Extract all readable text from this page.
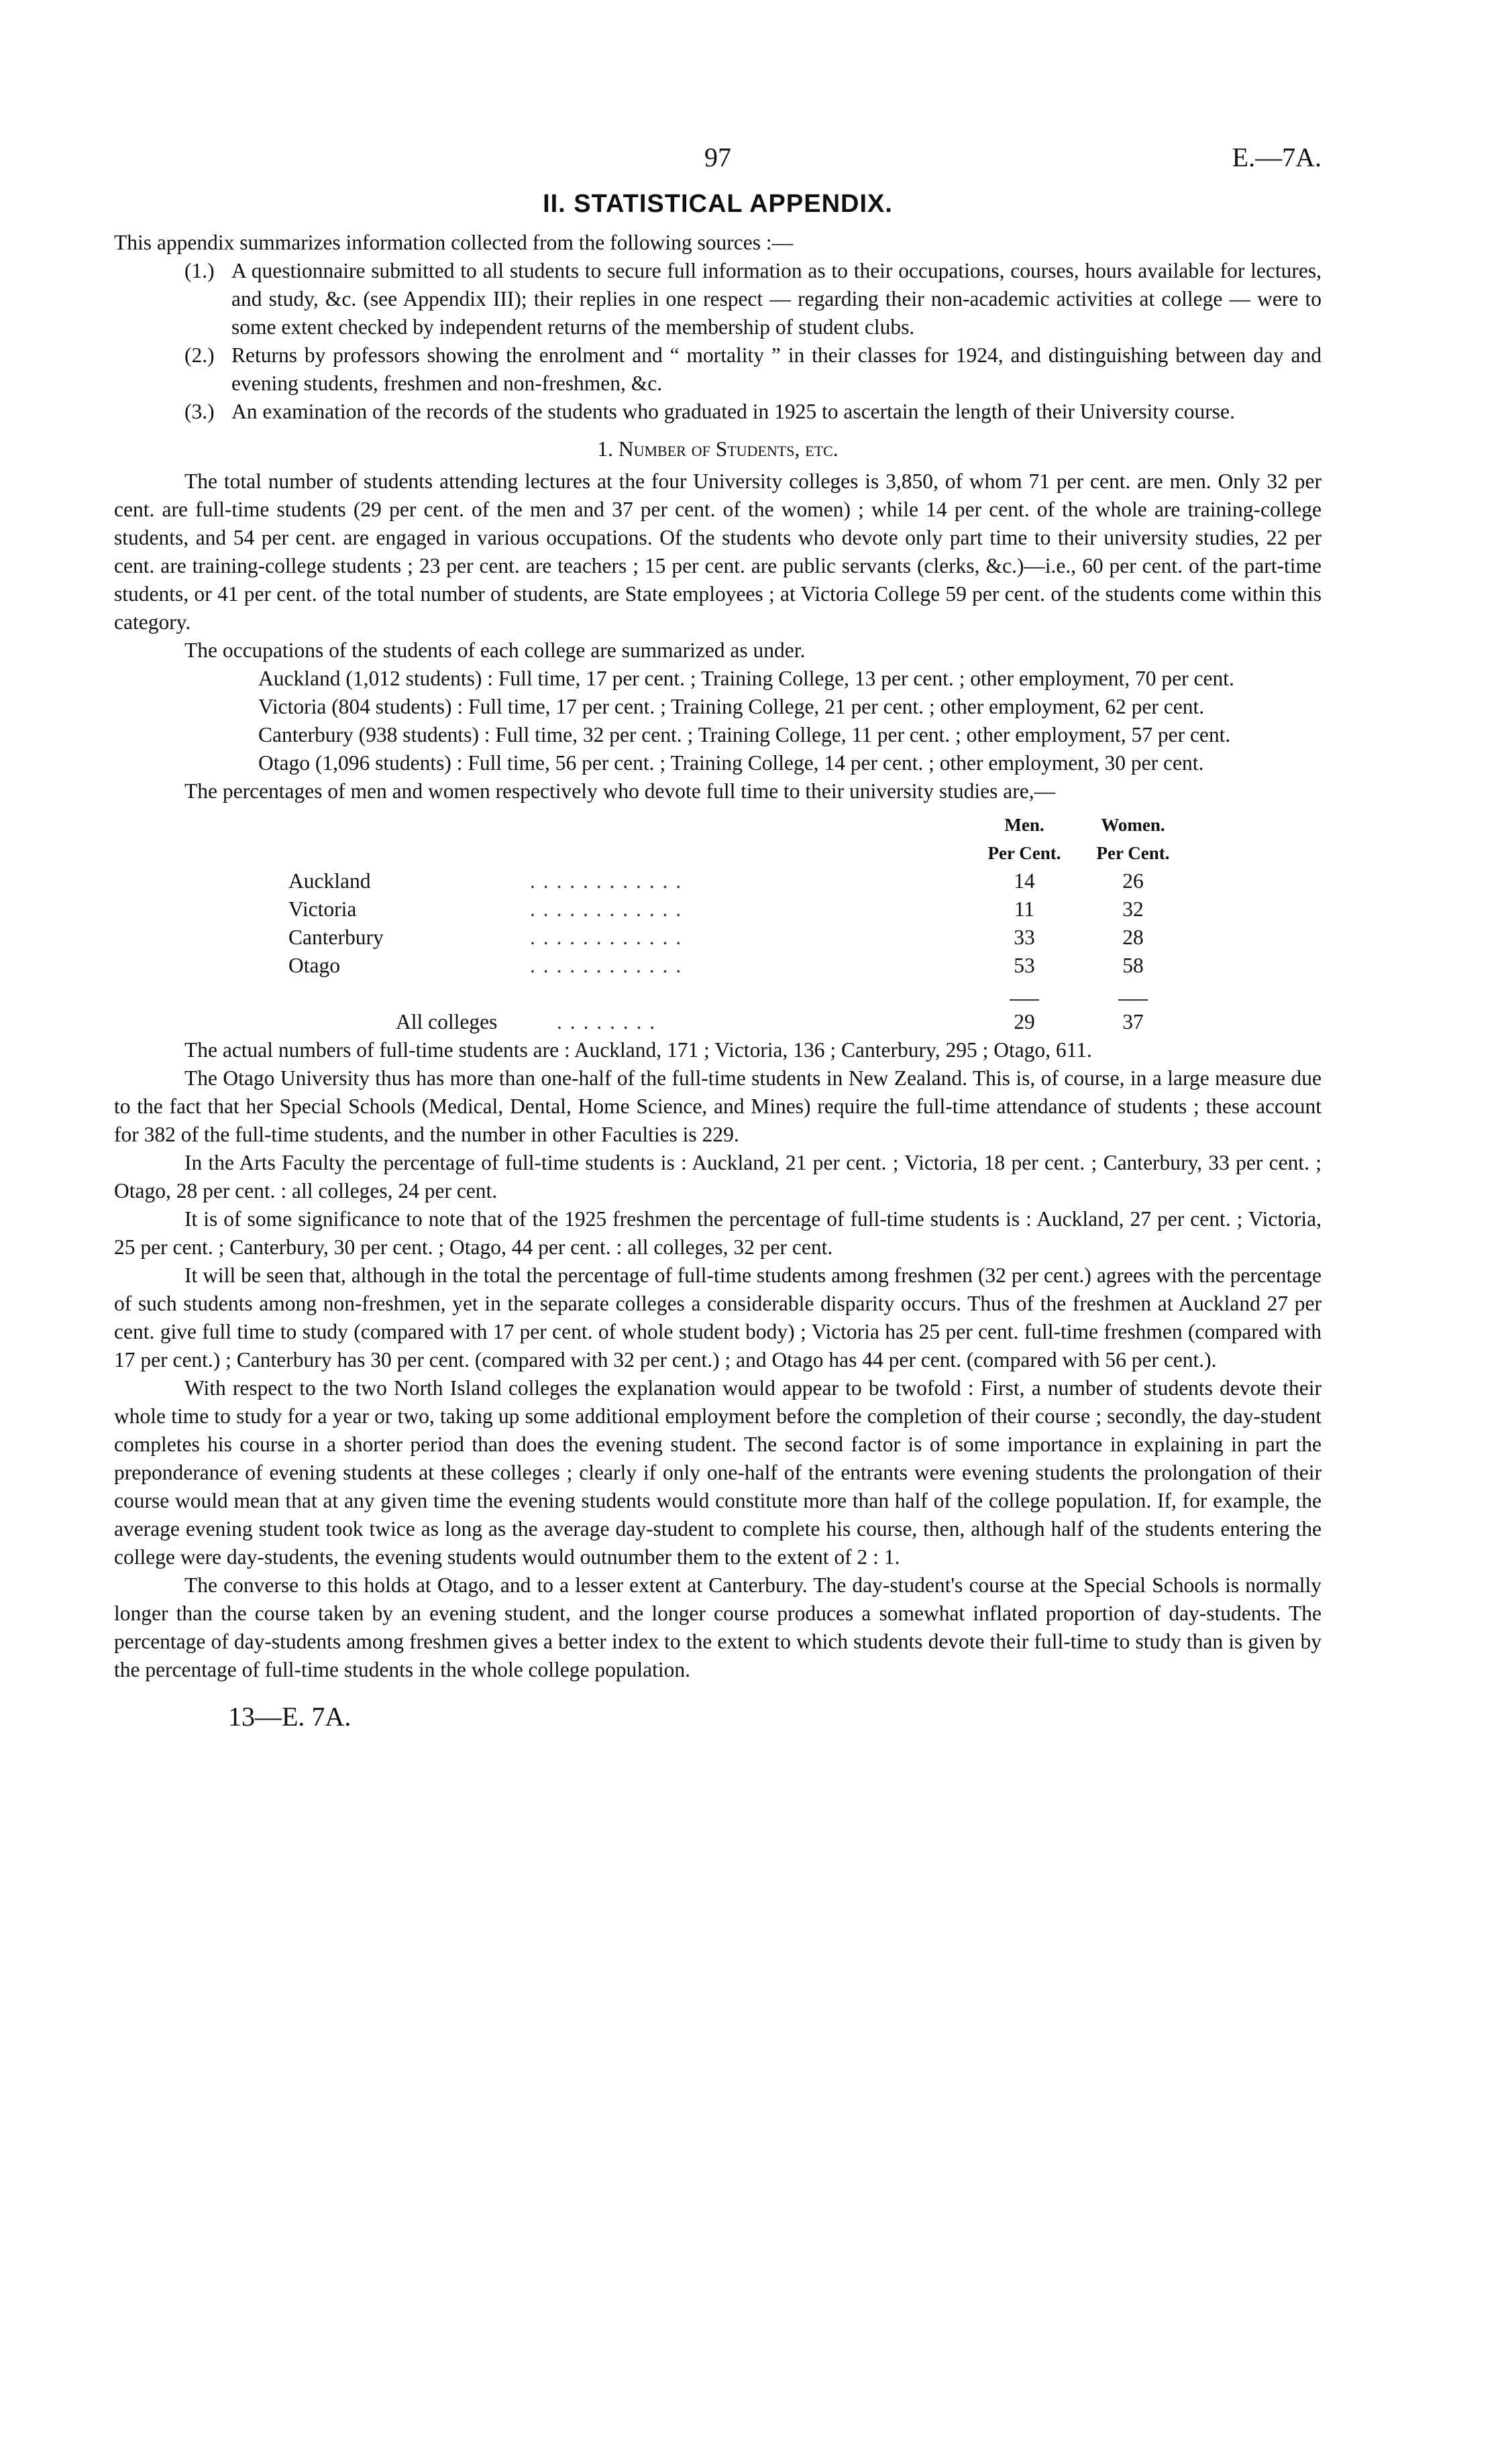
97	E.—7A.
II. STATISTICAL APPENDIX.

This appendix summarizes information collected from the following sources :—

(1.) A questionnaire submitted to all students to secure full information as to their occupations, courses, hours available for lectures, and study, &c. (see Appendix III); their replies in one respect — regarding their non-academic activities at college — were to some extent checked by independent returns of the membership of student clubs.
(2.) Returns by professors showing the enrolment and “ mortality ” in their classes for 1924, and distinguishing between day and evening students, freshmen and non-freshmen, &c.
(3.) An examination of the records of the students who graduated in 1925 to ascertain the length of their University course.
1. Number of Students, etc.

The total number of students attending lectures at the four University colleges is 3,850, of whom 71 per cent. are men. Only 32 per cent. are full-time students (29 per cent. of the men and 37 per cent. of the women) ; while 14 per cent. of the whole are training-college students, and 54 per cent. are engaged in various occupations. Of the students who devote only part time to their university studies, 22 per cent. are training-college students ; 23 per cent. are teachers ; 15 per cent. are public servants (clerks, &c.)—i.e., 60 per cent. of the part-time students, or 41 per cent. of the total number of students, are State employees ; at Victoria College 59 per cent. of the students come within this category.

The occupations of the students of each college are summarized as under.

Auckland (1,012 students) : Full time, 17 per cent. ; Training College, 13 per cent. ; other employment, 70 per cent.

Victoria (804 students) : Full time, 17 per cent. ; Training College, 21 per cent. ; other employment, 62 per cent.

Canterbury (938 students) : Full time, 32 per cent. ; Training College, 11 per cent. ; other employment, 57 per cent.

Otago (1,096 students) : Full time, 56 per cent. ; Training College, 14 per cent. ; other employment, 30 per cent.

The percentages of men and women respectively who devote full time to their university studies are,—

		Men.	Women.
		Per Cent.	Per Cent.
Auckland	. . . . . . . . . . . .	14	26
Victoria	. . . . . . . . . . . .	11	32
Canterbury	. . . . . . . . . . . .	33	28
Otago	. . . . . . . . . . . .	53	58

All colleges	. . . . . . . .	29	37

The actual numbers of full-time students are : Auckland, 171 ; Victoria, 136 ; Canterbury, 295 ; Otago, 611.

The Otago University thus has more than one-half of the full-time students in New Zealand. This is, of course, in a large measure due to the fact that her Special Schools (Medical, Dental, Home Science, and Mines) require the full-time attendance of students ; these account for 382 of the full-time students, and the number in other Faculties is 229.

In the Arts Faculty the percentage of full-time students is : Auckland, 21 per cent. ; Victoria, 18 per cent. ; Canterbury, 33 per cent. ; Otago, 28 per cent. : all colleges, 24 per cent.

It is of some significance to note that of the 1925 freshmen the percentage of full-time students is : Auckland, 27 per cent. ; Victoria, 25 per cent. ; Canterbury, 30 per cent. ; Otago, 44 per cent. : all colleges, 32 per cent.

It will be seen that, although in the total the percentage of full-time students among freshmen (32 per cent.) agrees with the percentage of such students among non-freshmen, yet in the separate colleges a considerable disparity occurs. Thus of the freshmen at Auckland 27 per cent. give full time to study (compared with 17 per cent. of whole student body) ; Victoria has 25 per cent. full-time freshmen (compared with 17 per cent.) ; Canterbury has 30 per cent. (compared with 32 per cent.) ; and Otago has 44 per cent. (compared with 56 per cent.).

With respect to the two North Island colleges the explanation would appear to be twofold : First, a number of students devote their whole time to study for a year or two, taking up some additional employment before the completion of their course ; secondly, the day-student completes his course in a shorter period than does the evening student. The second factor is of some importance in explaining in part the preponderance of evening students at these colleges ; clearly if only one-half of the entrants were evening students the prolongation of their course would mean that at any given time the evening students would constitute more than half of the college population. If, for example, the average evening student took twice as long as the average day-student to complete his course, then, although half of the students entering the college were day-students, the evening students would outnumber them to the extent of 2 : 1.

The converse to this holds at Otago, and to a lesser extent at Canterbury. The day-student's course at the Special Schools is normally longer than the course taken by an evening student, and the longer course produces a somewhat inflated proportion of day-students. The percentage of day-students among freshmen gives a better index to the extent to which students devote their full-time to study than is given by the percentage of full-time students in the whole college population.

13—E. 7A.
